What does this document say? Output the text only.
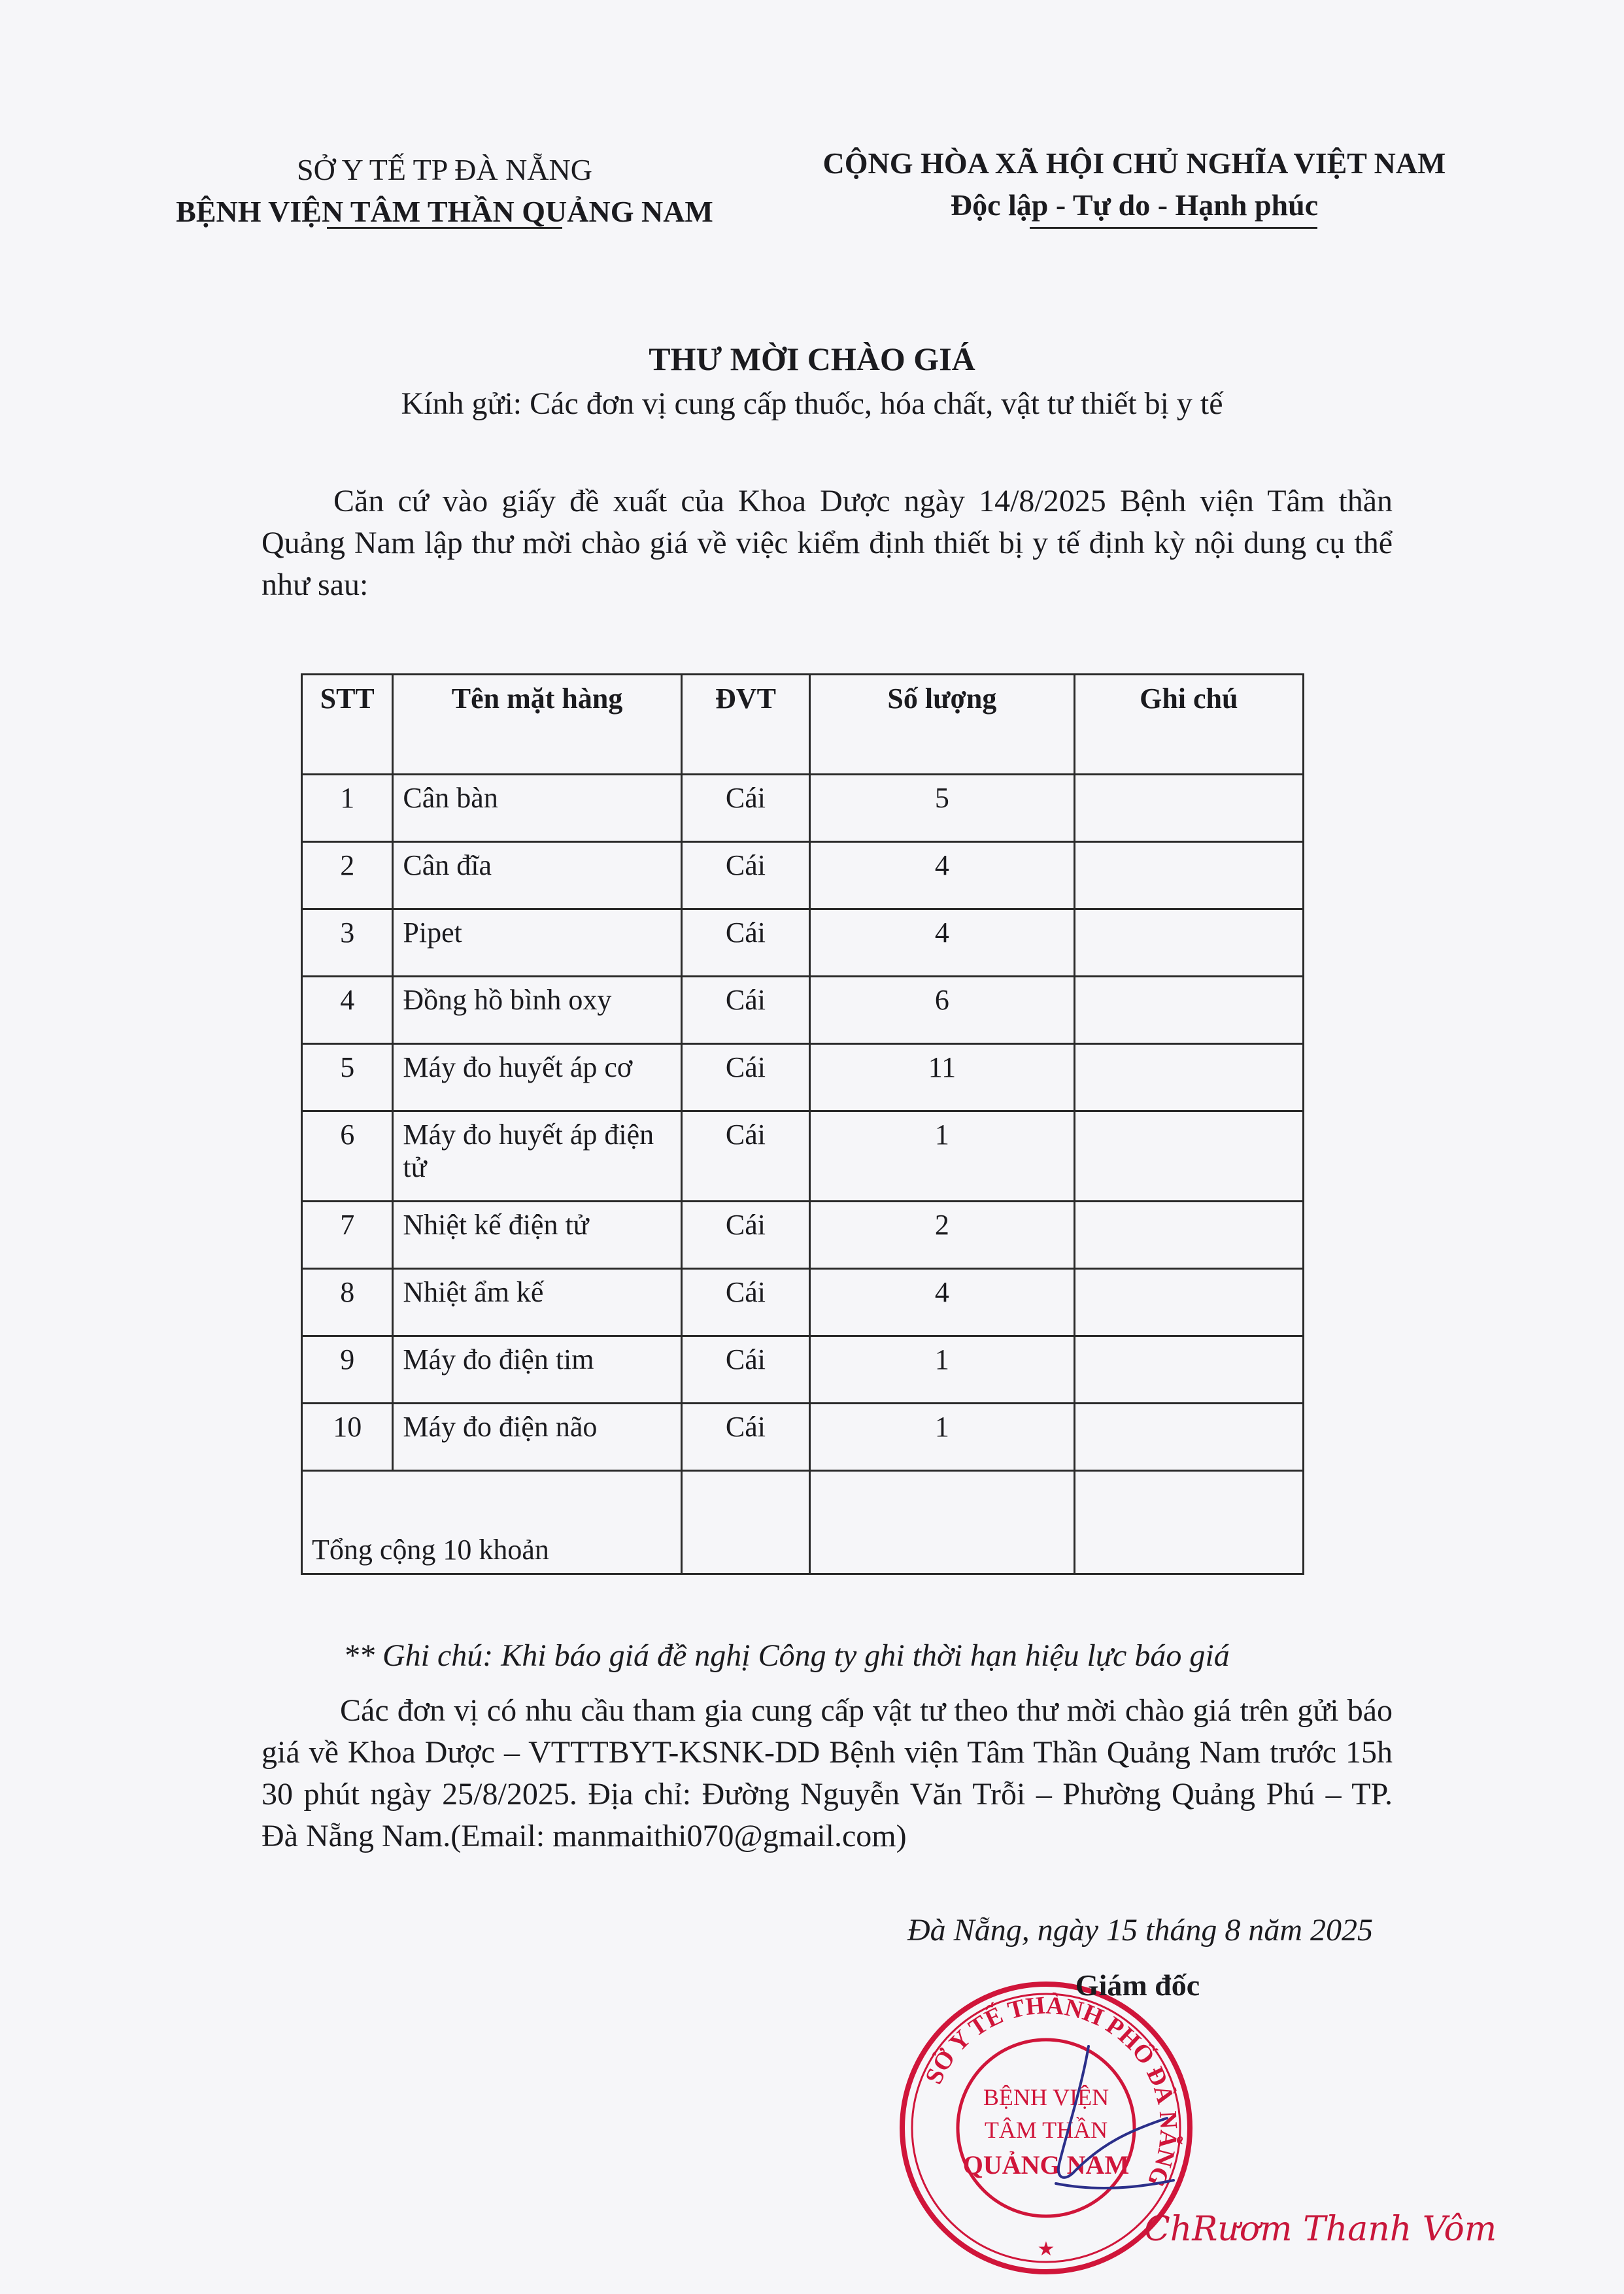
SỞ Y TẾ TP ĐÀ NẴNG
BỆNH VIỆN TÂM THẦN QUẢNG NAM
CỘNG HÒA XÃ HỘI CHỦ NGHĨA VIỆT NAM
Độc lập - Tự do - Hạnh phúc
THƯ MỜI CHÀO GIÁ
Kính gửi: Các đơn vị cung cấp thuốc, hóa chất, vật tư thiết bị y tế
Căn cứ vào giấy đề xuất của Khoa Dược ngày 14/8/2025 Bệnh viện Tâm thần Quảng Nam lập thư mời chào giá về việc kiểm định thiết bị y tế định kỳ nội dung cụ thể như sau:
STT	Tên mặt hàng	ĐVT	Số lượng	Ghi chú
1	Cân bàn	Cái	5	
2	Cân đĩa	Cái	4	
3	Pipet	Cái	4	
4	Đồng hồ bình oxy	Cái	6	
5	Máy đo huyết áp cơ	Cái	11	
6	Máy đo huyết áp điện tử	Cái	1	
7	Nhiệt kế điện tử	Cái	2	
8	Nhiệt ẩm kế	Cái	4	
9	Máy đo điện tim	Cái	1	
10	Máy đo điện não	Cái	1	
Tổng cộng 10 khoản				
** Ghi chú: Khi báo giá đề nghị Công ty ghi thời hạn hiệu lực báo giá
Các đơn vị có nhu cầu tham gia cung cấp vật tư theo thư mời chào giá trên gửi báo giá về Khoa Dược – VTTTBYT-KSNK-DD Bệnh viện Tâm Thần Quảng Nam trước 15h 30 phút ngày 25/8/2025. Địa chỉ: Đường Nguyễn Văn Trỗi – Phường Quảng Phú – TP. Đà Nẵng Nam.(Email: manmaithi070@gmail.com)
Đà Nẵng, ngày 15 tháng 8 năm 2025
SỞ Y TẾ THÀNH PHỐ ĐÀ NẴNG
BỆNH VIỆN
TÂM THẦN
QUẢNG NAM
★
Giám đốc
ChRươm Thanh Vôm
